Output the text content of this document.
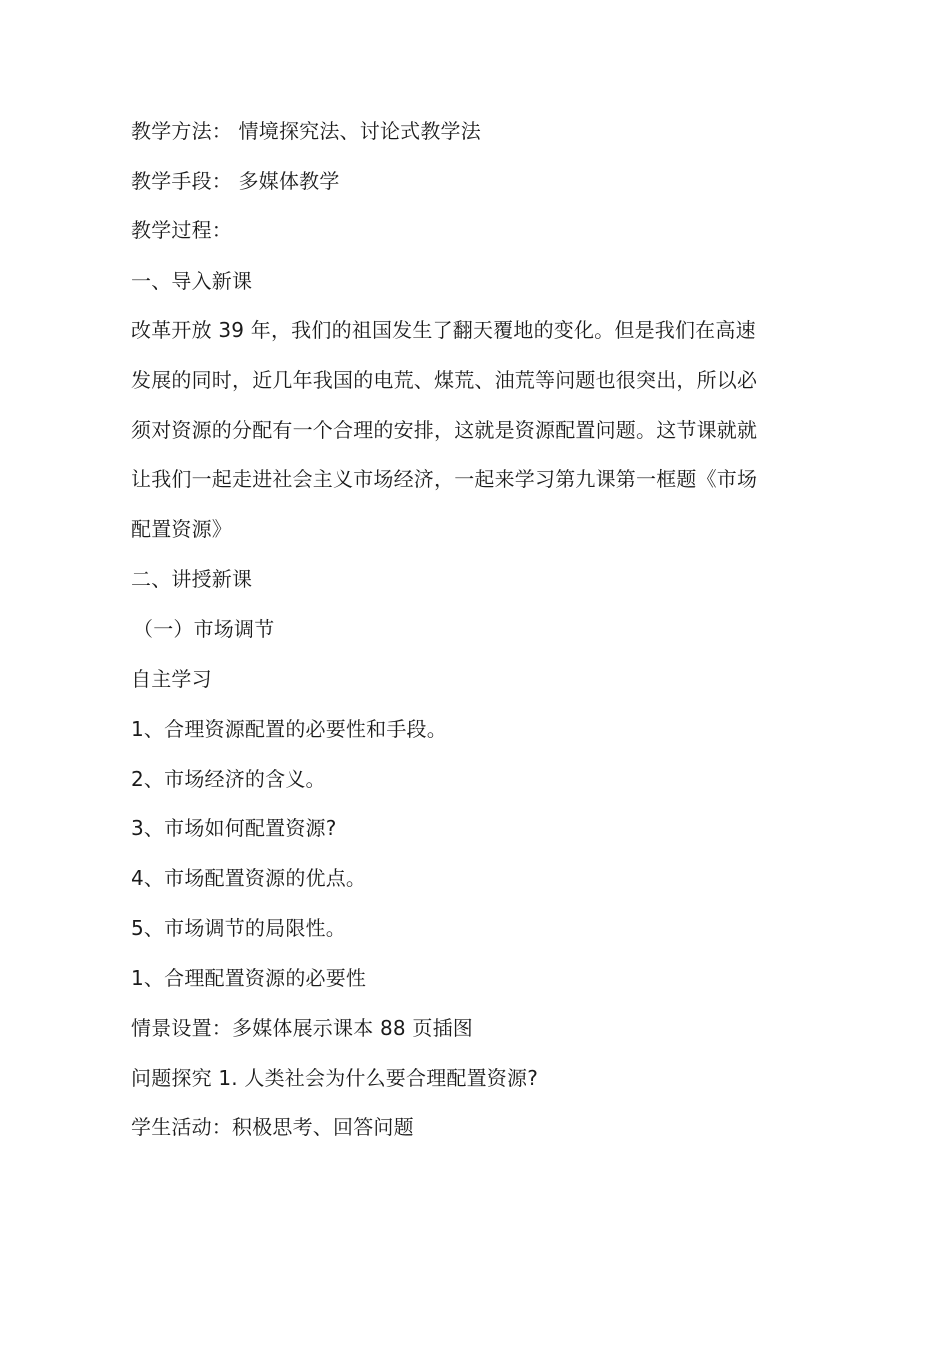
教学方法： 情境探究法、讨论式教学法
教学手段： 多媒体教学
教学过程：
一、导入新课
改革开放 39 年，我们的祖国发生了翻天覆地的变化。但是我们在高速
发展的同时，近几年我国的电荒、煤荒、油荒等问题也很突出，所以必
须对资源的分配有一个合理的安排，这就是资源配置问题。这节课就就
让我们一起走进社会主义市场经济，一起来学习第九课第一框题《市场
配置资源》
二、讲授新课
（一）市场调节
自主学习
1、合理资源配置的必要性和手段。
2、市场经济的含义。
3、市场如何配置资源?
4、市场配置资源的优点。
5、市场调节的局限性。
1、合理配置资源的必要性
情景设置：多媒体展示课本 88 页插图
问题探究 1. 人类社会为什么要合理配置资源?
学生活动：积极思考、回答问题
